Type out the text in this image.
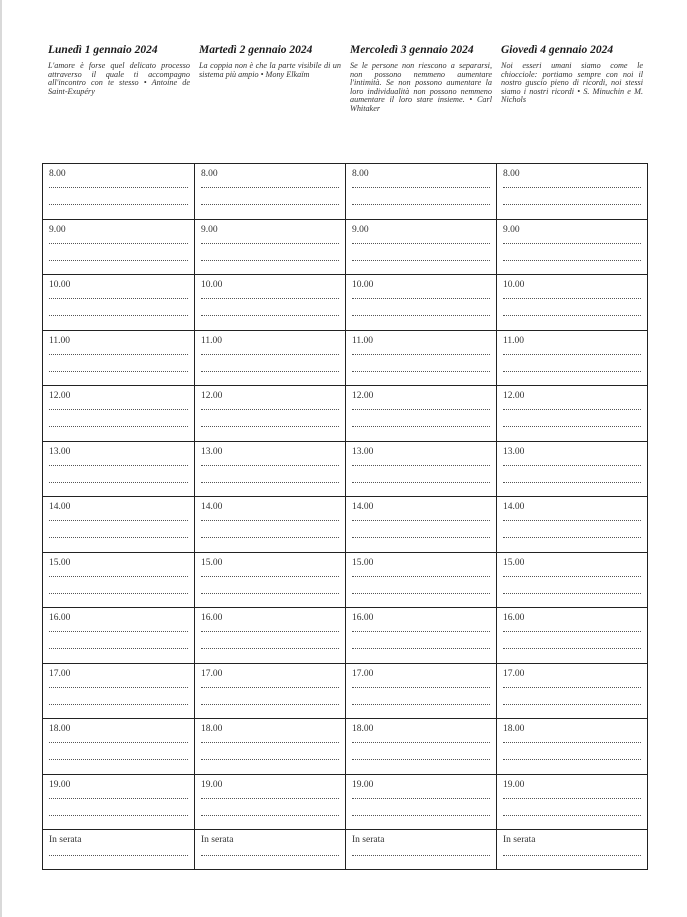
Lunedì 1 gennaio 2024

L'amore è forse quel delicato processo attraverso il quale ti accompagno all'incontro con te stesso • Antoine de Saint-Exupéry

Martedì 2 gennaio 2024

La coppia non è che la parte visibile di un sistema più ampio • Mony Elkaïm

Mercoledì 3 gennaio 2024

Se le persone non riescono a separarsi, non possono nemmeno aumentare l'intimità. Se non possono aumentare la loro individualità non possono nemmeno aumentare il loro stare insieme. • Carl Whitaker

Giovedì 4 gennaio 2024

Noi esseri umani siamo come le chiocciole: portiamo sempre con noi il nostro guscio pieno di ricordi, noi stessi siamo i nostri ricordi • S. Minuchin e M. Nichols

8.00
9.00
10.00
11.00
12.00
13.00
14.00
15.00
16.00
17.00
18.00
19.00
In serata
8.00
9.00
10.00
11.00
12.00
13.00
14.00
15.00
16.00
17.00
18.00
19.00
In serata
8.00
9.00
10.00
11.00
12.00
13.00
14.00
15.00
16.00
17.00
18.00
19.00
In serata
8.00
9.00
10.00
11.00
12.00
13.00
14.00
15.00
16.00
17.00
18.00
19.00
In serata
